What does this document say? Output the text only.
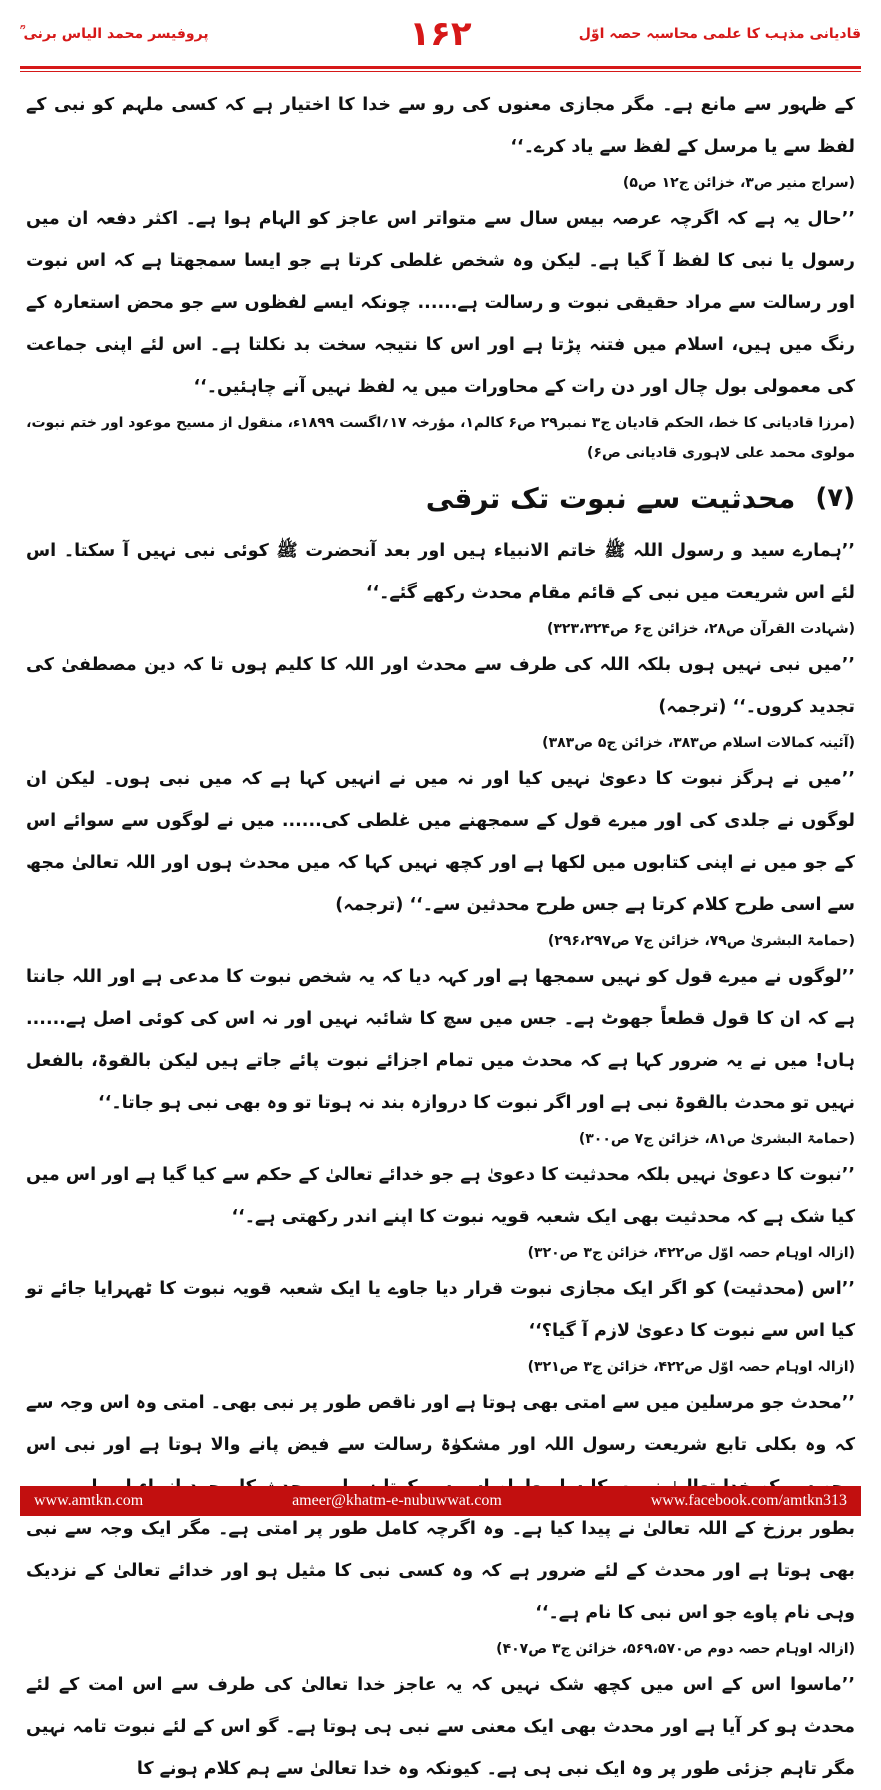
قادیانی مذہب کا علمی محاسبہ حصہ اوّل
۱۶۲
پروفیسر محمد الیاس برنی ؒ

کے ظہور سے مانع ہے۔ مگر مجازی معنوں کی رو سے خدا کا اختیار ہے کہ کسی ملہم کو نبی کے لفظ سے یا مرسل کے لفظ سے یاد کرے۔‘‘

(سراج منیر ص۳، خزائن ج۱۲ ص۵)

’’حال یہ ہے کہ اگرچہ عرصہ بیس سال سے متواتر اس عاجز کو الہام ہوا ہے۔ اکثر دفعہ ان میں رسول یا نبی کا لفظ آ گیا ہے۔ لیکن وہ شخص غلطی کرتا ہے جو ایسا سمجھتا ہے کہ اس نبوت اور رسالت سے مراد حقیقی نبوت و رسالت ہے...... چونکہ ایسے لفظوں سے جو محض استعارہ کے رنگ میں ہیں، اسلام میں فتنہ پڑتا ہے اور اس کا نتیجہ سخت بد نکلتا ہے۔ اس لئے اپنی جماعت کی معمولی بول چال اور دن رات کے محاورات میں یہ لفظ نہیں آنے چاہئیں۔‘‘

(مرزا قادیانی کا خط، الحکم قادیان ج۳ نمبر۲۹ ص۶ کالم۱، مؤرخہ ۱۷؍اگست ۱۸۹۹ء، منقول از مسیح موعود اور ختم نبوت، مولوی محمد علی لاہوری قادیانی ص۶)

(۷)
محدثیت سے نبوت تک ترقی

’’ہمارے سید و رسول اللہ ﷺ خاتم الانبیاء ہیں اور بعد آنحضرت ﷺ کوئی نبی نہیں آ سکتا۔ اس لئے اس شریعت میں نبی کے قائم مقام محدث رکھے گئے۔‘‘

(شہادت القرآن ص۲۸، خزائن ج۶ ص۳۲۳،۳۲۴)

’’میں نبی نہیں ہوں بلکہ اللہ کی طرف سے محدث اور اللہ کا کلیم ہوں تا کہ دین مصطفیٰ کی تجدید کروں۔‘‘ (ترجمہ)

(آئینہ کمالات اسلام ص۳۸۳، خزائن ج۵ ص۳۸۳)

’’میں نے ہرگز نبوت کا دعویٰ نہیں کیا اور نہ میں نے انہیں کہا ہے کہ میں نبی ہوں۔ لیکن ان لوگوں نے جلدی کی اور میرے قول کے سمجھنے میں غلطی کی...... میں نے لوگوں سے سوائے اس کے جو میں نے اپنی کتابوں میں لکھا ہے اور کچھ نہیں کہا کہ میں محدث ہوں اور اللہ تعالیٰ مجھ سے اسی طرح کلام کرتا ہے جس طرح محدثین سے۔‘‘ (ترجمہ)

(حمامۃ البشریٰ ص۷۹، خزائن ج۷ ص۲۹۶،۲۹۷)

’’لوگوں نے میرے قول کو نہیں سمجھا ہے اور کہہ دیا کہ یہ شخص نبوت کا مدعی ہے اور اللہ جانتا ہے کہ ان کا قول قطعاً جھوٹ ہے۔ جس میں سچ کا شائبہ نہیں اور نہ اس کی کوئی اصل ہے...... ہاں! میں نے یہ ضرور کہا ہے کہ محدث میں تمام اجزائے نبوت پائے جاتے ہیں لیکن بالقوۃ، بالفعل نہیں تو محدث بالقوۃ نبی ہے اور اگر نبوت کا دروازہ بند نہ ہوتا تو وہ بھی نبی ہو جاتا۔‘‘

(حمامۃ البشریٰ ص۸۱، خزائن ج۷ ص۳۰۰)

’’نبوت کا دعویٰ نہیں بلکہ محدثیت کا دعویٰ ہے جو خدائے تعالیٰ کے حکم سے کیا گیا ہے اور اس میں کیا شک ہے کہ محدثیت بھی ایک شعبہ قویہ نبوت کا اپنے اندر رکھتی ہے۔‘‘

(ازالہ اوہام حصہ اوّل ص۴۲۲، خزائن ج۳ ص۳۲۰)

’’اس (محدثیت) کو اگر ایک مجازی نبوت قرار دیا جاوے یا ایک شعبہ قویہ نبوت کا ٹھہرایا جائے تو کیا اس سے نبوت کا دعویٰ لازم آ گیا؟‘‘

(ازالہ اوہام حصہ اوّل ص۴۲۲، خزائن ج۳ ص۳۲۱)

’’محدث جو مرسلین میں سے امتی بھی ہوتا ہے اور ناقص طور پر نبی بھی۔ امتی وہ اس وجہ سے کہ وہ بکلی تابع شریعت رسول اللہ اور مشکوٰۃ رسالت سے فیض پانے والا ہوتا ہے اور نبی اس بطور برزخ کے اللہ تعالیٰ نے پیدا کیا ہے۔ وہ اگرچہ کامل طور پر امتی ہے۔ مگر ایک وجہ سے نبی بھی ہوتا ہے اور محدث کے لئے ضرور ہے کہ وہ کسی نبی کا مثیل ہو اور خدائے تعالیٰ کے نزدیک وہی نام پاوے جو اس نبی کا نام ہے۔‘‘

(ازالہ اوہام حصہ دوم ص۵۶۹،۵۷۰، خزائن ج۳ ص۴۰۷)

’’ماسوا اس کے اس میں کچھ شک نہیں کہ یہ عاجز خدا تعالیٰ کی طرف سے اس امت کے لئے محدث ہو کر آیا ہے اور محدث بھی ایک معنی سے نبی ہی ہوتا ہے۔ گو اس کے لئے نبوت تامہ نہیں مگر تاہم جزئی طور پر وہ ایک نبی ہی ہے۔ کیونکہ وہ خدا تعالیٰ سے ہم کلام ہونے کا

www.amtkn.com	ameer@khatm-e-nubuwwat.com	www.facebook.com/amtkn313
